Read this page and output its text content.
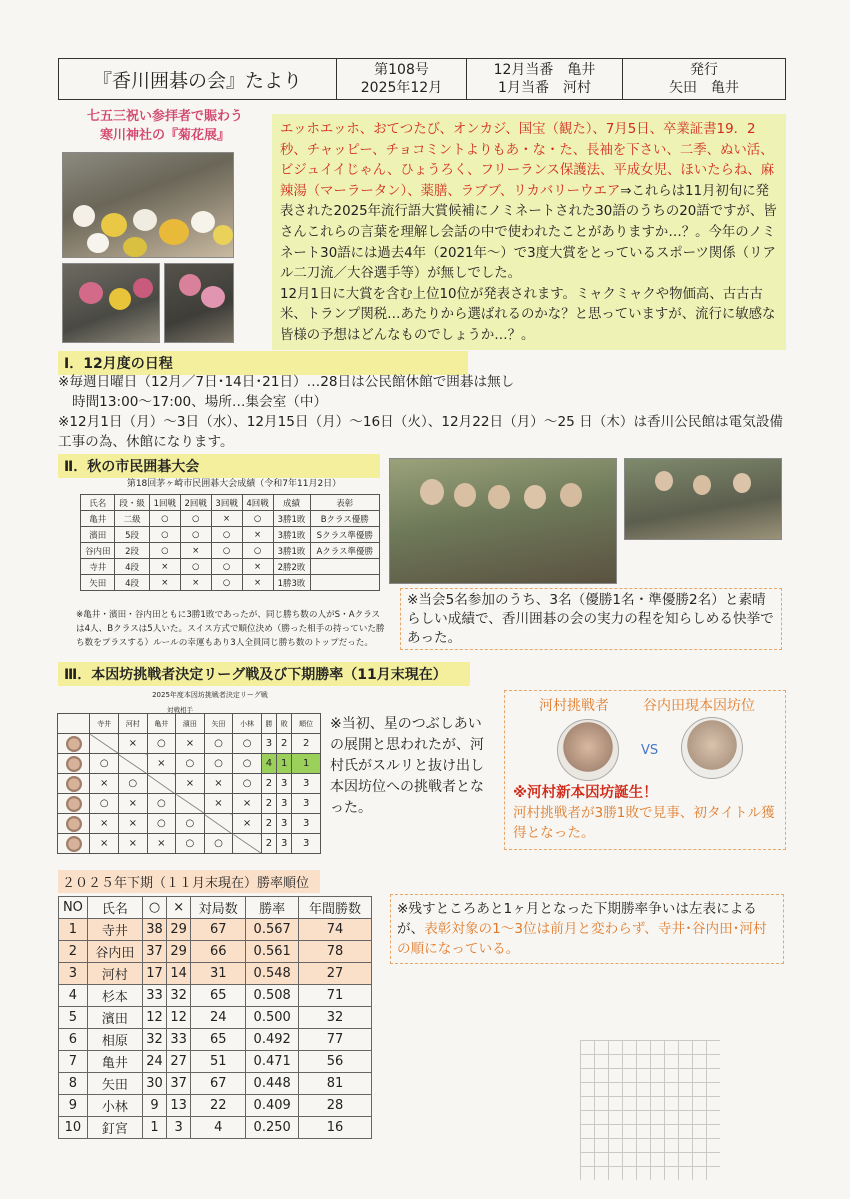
『香川囲碁の会』たより	第108号
2025年12月
12月当番　亀井
1月当番　河村
発行
矢田　亀井
七五三祝い参拝者で賑わう
寒川神社の『菊花展』	エッホエッホ、おてつたび、オンカジ、国宝（観た）、7月5日、卒業証書19．2秒、チャッピー、チョコミントよりもあ・な・た、長袖を下さい、二季、ぬい活、ビジュイイじゃん、ひょうろく、フリーランス保護法、平成女児、ほいたらね、麻辣湯（マーラータン）、薬膳、ラブブ、リカバリーウエア⇒これらは11月初旬に発表された2025年流行語大賞候補にノミネートされた30語のうちの20語ですが、皆さんこれらの言葉を理解し会話の中で使われたことがありますか…？。今年のノミネート30語には過去4年（2021年～）で3度大賞をとっているスポーツ関係（リアル二刀流／大谷選手等）が無しでした。
12月1日に大賞を含む上位10位が発表されます。ミャクミャクや物価高、古古古米、トランプ関税…あたりから選ばれるのかな？と思っていますが、流行に敏感な皆様の予想はどんなものでしょうか…？。
Ⅰ．12月度の日程
※毎週日曜日（12月／7日･14日･21日）…28日は公民館休館で囲碁は無し
時間13:00～17:00、場所…集会室（中）
※12月1日（月）～3日（水）、12月15日（月）～16日（火）、12月22日（月）～25 日（木）は香川公民館は電気設備工事の為、休館になります。
Ⅱ．秋の市民囲碁大会
第18回茅ヶ崎市民囲碁大会成績（令和7年11月2日）
氏名	段・級	1回戦	2回戦	3回戦	4回戦	成績	表彰
亀井	二級	○	○	×	○	3勝1敗	Bクラス優勝
濱田	5段	○	○	○	×	3勝1敗	Sクラス準優勝
谷内田	2段	○	×	○	○	3勝1敗	Aクラス準優勝
寺井	4段	×	○	○	×	2勝2敗	
矢田	4段	×	×	○	×	1勝3敗	
※亀井・濱田・谷内田ともに3勝1敗であったが、同じ勝ち数の人がS・Aクラスは4人、Bクラスは5人いた。スイス方式で順位決め（勝った相手の持っていた勝ち数をプラスする）ルールの幸運もあり3人全員同じ勝ち数のトップだった。
※当会5名参加のうち、3名（優勝1名・準優勝2名）と素晴らしい成績で、香川囲碁の会の実力の程を知らしめる快挙であった。
Ⅲ．本因坊挑戦者決定リーグ戦及び下期勝率（11月末現在）
2025年度本因坊挑戦者決定リーグ戦
対戦相手
	寺井	河村	亀井	濱田	矢田	小林	勝	敗	順位

		×	○	×	○	○	3	2	2

	○		×	○	○	○	4	1	1

	×	○		×	×	○	2	3	3

	○	×	○		×	×	2	3	3

	×	×	○	○		×	2	3	3

	×	×	×	○	○		2	3	3
※当初、星のつぶしあいの展開と思われたが、河村氏がスルリと抜け出し本因坊位への挑戦者となった。
河村挑戦者 谷内田現本因坊位
VS
※河村新本因坊誕生！
河村挑戦者が3勝1敗で見事、初タイトル獲得となった。
２０２５年下期（１１月末現在）勝率順位
NO	氏名	○	×	対局数	勝率	年間勝数
1	寺井	38	29	67	0.567	74
2	谷内田	37	29	66	0.561	78
3	河村	17	14	31	0.548	27
4	杉本	33	32	65	0.508	71
5	濱田	12	12	24	0.500	32
6	相原	32	33	65	0.492	77
7	亀井	24	27	51	0.471	56
8	矢田	30	37	67	0.448	81
9	小林	9	13	22	0.409	28
10	釘宮	1	3	4	0.250	16
※残すところあと1ヶ月となった下期勝率争いは左表によるが、表彰対象の1～3位は前月と変わらず、寺井･谷内田･河村の順になっている。
